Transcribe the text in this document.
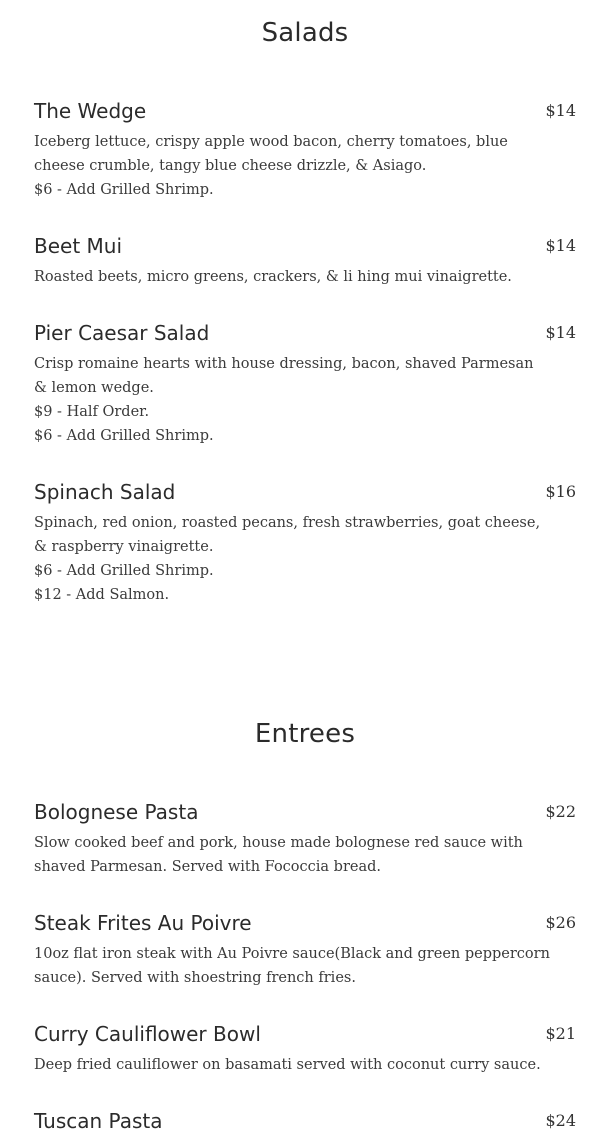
Salads
The Wedge	$14
Iceberg lettuce, crispy apple wood bacon, cherry tomatoes, blue
cheese crumble, tangy blue cheese drizzle, & Asiago.
$6 - Add Grilled Shrimp.
Beet Mui	$14
Roasted beets, micro greens, crackers, & li hing mui vinaigrette.
Pier Caesar Salad	$14
Crisp romaine hearts with house dressing, bacon, shaved Parmesan
& lemon wedge.
$9 - Half Order.
$6 - Add Grilled Shrimp.
Spinach Salad	$16
Spinach, red onion, roasted pecans, fresh strawberries, goat cheese,
& raspberry vinaigrette.
$6 - Add Grilled Shrimp.
$12 - Add Salmon.
Entrees
Bolognese Pasta	$22
Slow cooked beef and pork, house made bolognese red sauce with
shaved Parmesan. Served with Fococcia bread.
Steak Frites Au Poivre	$26
10oz flat iron steak with Au Poivre sauce(Black and green peppercorn
sauce). Served with shoestring french fries.
Curry Cauliflower Bowl	$21
Deep fried cauliflower on basamati served with coconut curry sauce.
Tuscan Pasta	$24
